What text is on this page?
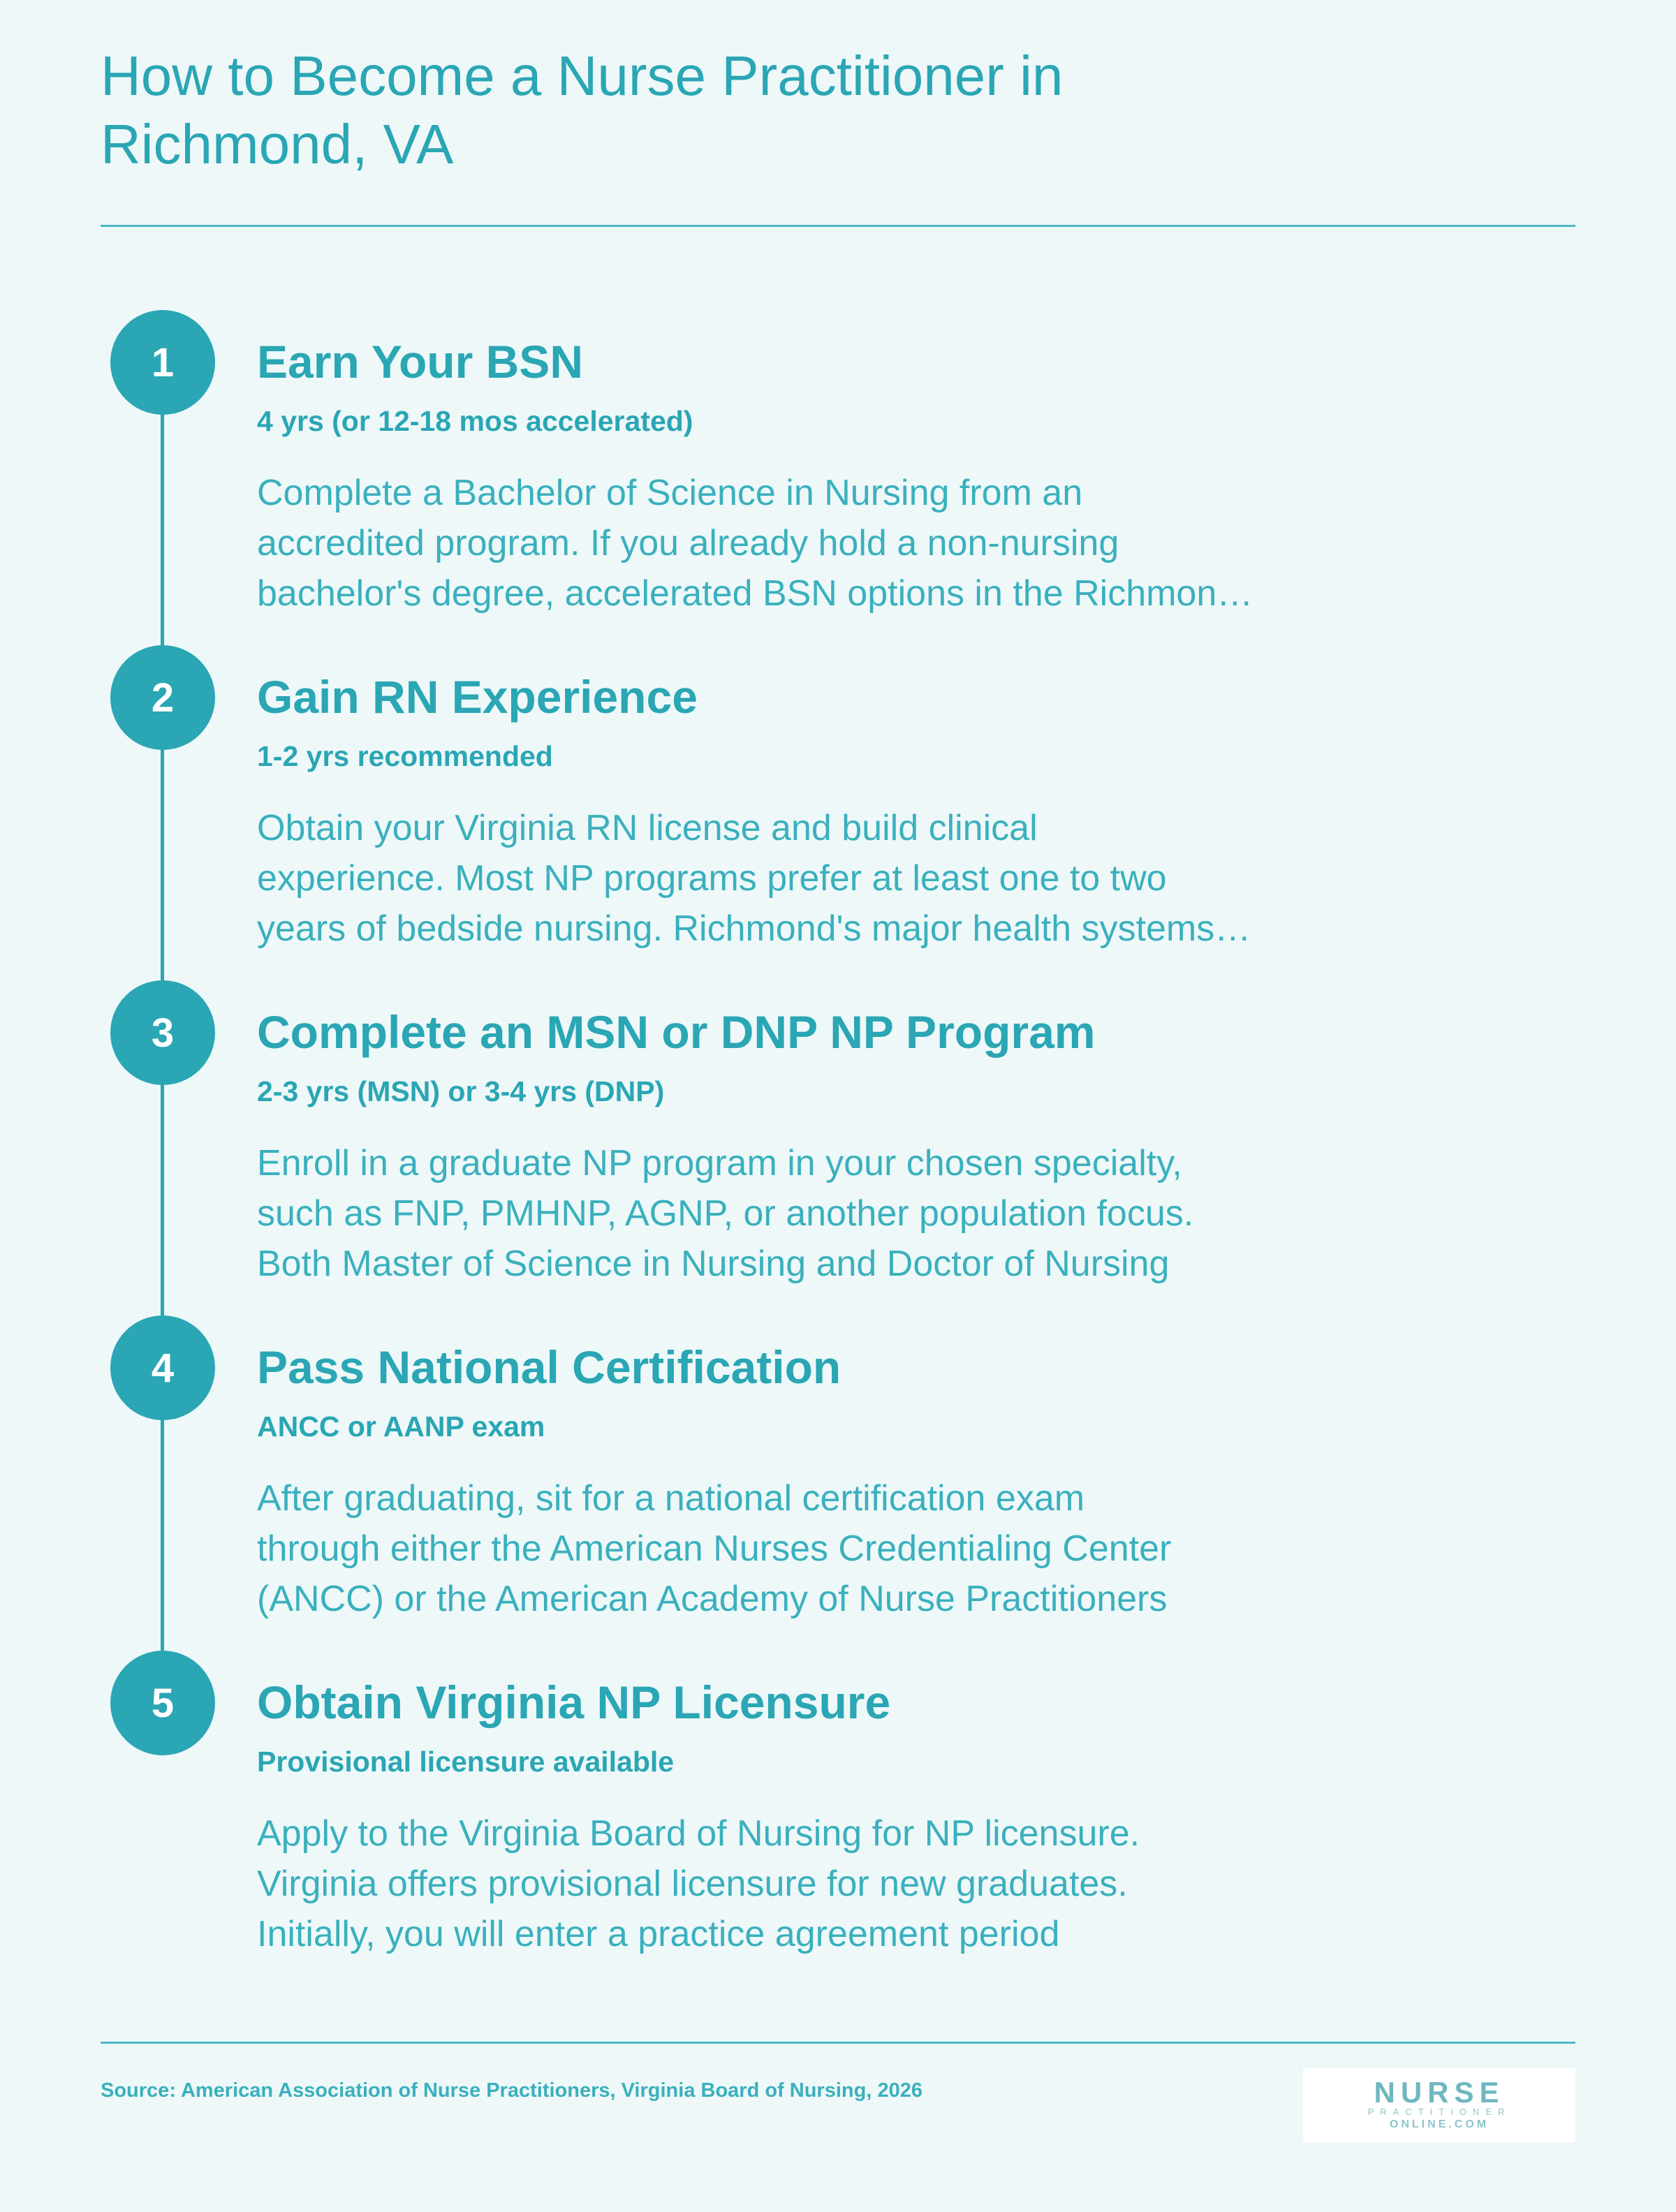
How to Become a Nurse Practitioner in
Richmond, VA
1	Earn Your BSN
4 yrs (or 12-18 mos accelerated)
Complete a Bachelor of Science in Nursing from an
accredited program. If you already hold a non-nursing
bachelor's degree, accelerated BSN options in the Richmon…
2	Gain RN Experience
1-2 yrs recommended
Obtain your Virginia RN license and build clinical
experience. Most NP programs prefer at least one to two
years of bedside nursing. Richmond's major health systems…
3	Complete an MSN or DNP NP Program
2-3 yrs (MSN) or 3-4 yrs (DNP)
Enroll in a graduate NP program in your chosen specialty,
such as FNP, PMHNP, AGNP, or another population focus.
Both Master of Science in Nursing and Doctor of Nursing
4	Pass National Certification
ANCC or AANP exam
After graduating, sit for a national certification exam
through either the American Nurses Credentialing Center
(ANCC) or the American Academy of Nurse Practitioners
5	Obtain Virginia NP Licensure
Provisional licensure available
Apply to the Virginia Board of Nursing for NP licensure.
Virginia offers provisional licensure for new graduates.
Initially, you will enter a practice agreement period
Source: American Association of Nurse Practitioners, Virginia Board of Nursing, 2026	NURSE
PRACTITIONER
ONLINE.COM
